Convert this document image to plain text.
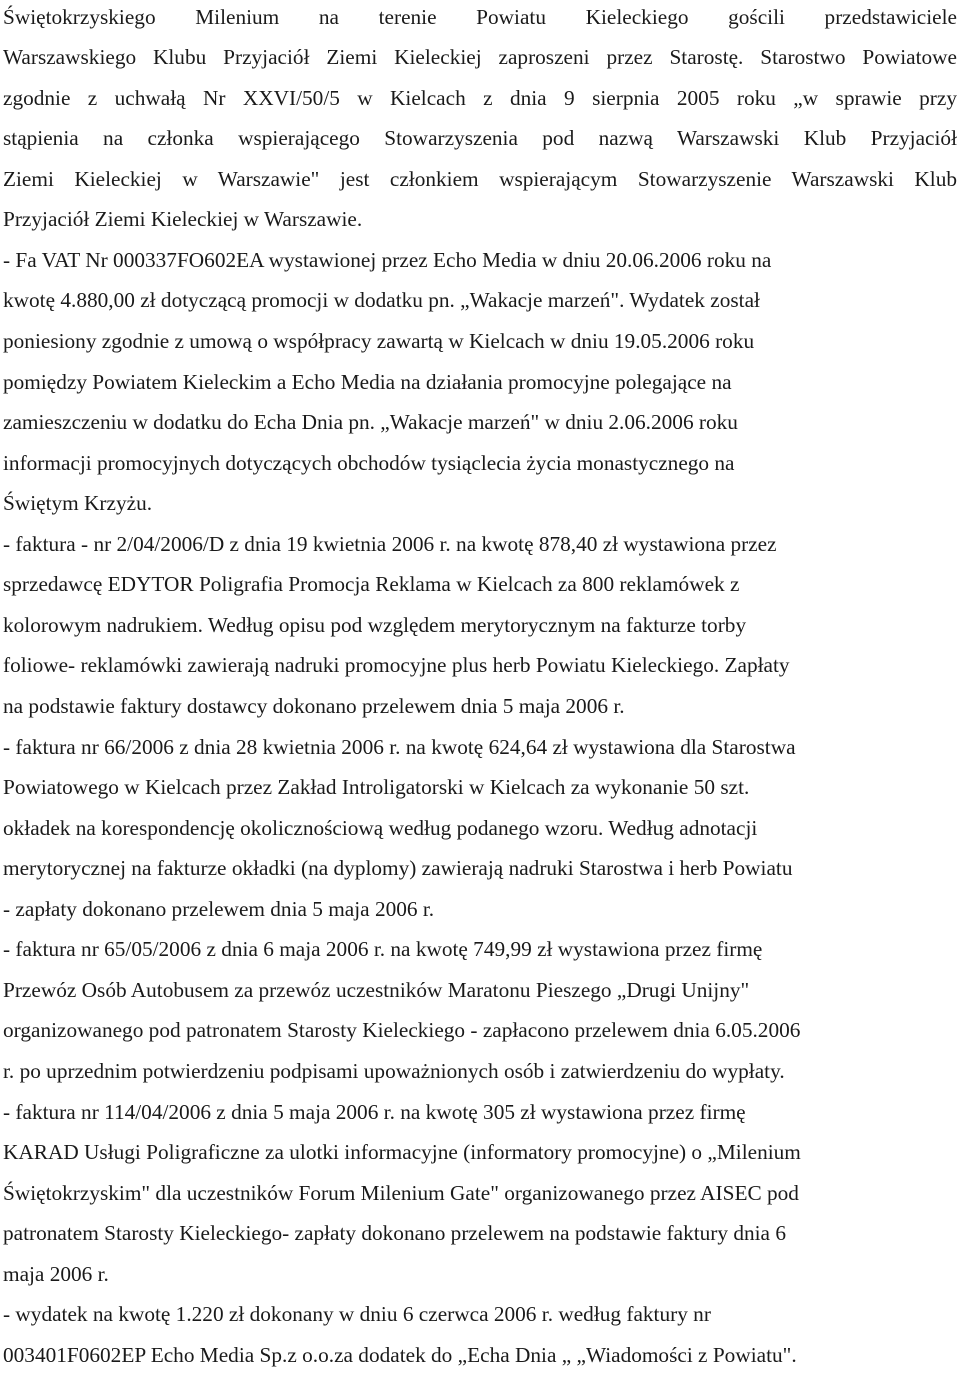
Świętokrzyskiego Milenium na terenie Powiatu Kieleckiego gościli przedstawiciele
Warszawskiego Klubu Przyjaciół Ziemi Kieleckiej zaproszeni przez Starostę. Starostwo Powiatowe
zgodnie z uchwałą Nr XXVI/50/5 w Kielcach z dnia 9 sierpnia 2005 roku „w sprawie przy
stąpienia na członka wspierającego Stowarzyszenia pod nazwą Warszawski Klub Przyjaciół
Ziemi Kieleckiej w Warszawie" jest członkiem wspierającym Stowarzyszenie Warszawski Klub
Przyjaciół Ziemi Kieleckiej w Warszawie.
- Fa VAT Nr 000337FO602EA wystawionej przez Echo Media w dniu 20.06.2006 roku na
kwotę 4.880,00 zł dotyczącą promocji w dodatku pn. „Wakacje marzeń". Wydatek został
poniesiony zgodnie z umową o współpracy zawartą w Kielcach w dniu 19.05.2006 roku
pomiędzy Powiatem Kieleckim a Echo Media na działania promocyjne polegające na
zamieszczeniu w dodatku do Echa Dnia pn. „Wakacje marzeń" w dniu 2.06.2006 roku
informacji promocyjnych dotyczących obchodów tysiąclecia życia monastycznego na
Świętym Krzyżu.
- faktura - nr 2/04/2006/D z dnia 19 kwietnia 2006 r. na kwotę 878,40 zł wystawiona przez
sprzedawcę EDYTOR Poligrafia Promocja Reklama w Kielcach za 800 reklamówek z
kolorowym nadrukiem. Według opisu pod względem merytorycznym na fakturze torby
foliowe- reklamówki zawierają nadruki promocyjne plus herb Powiatu Kieleckiego. Zapłaty
na podstawie faktury dostawcy dokonano przelewem dnia 5 maja 2006 r.
- faktura nr 66/2006 z dnia 28 kwietnia 2006 r. na kwotę 624,64 zł wystawiona dla Starostwa
Powiatowego w Kielcach przez Zakład Introligatorski w Kielcach za wykonanie 50 szt.
okładek na korespondencję okolicznościową według podanego wzoru. Według adnotacji
merytorycznej na fakturze okładki (na dyplomy) zawierają nadruki Starostwa i herb Powiatu
- zapłaty dokonano przelewem dnia 5 maja 2006 r.
- faktura nr 65/05/2006 z dnia 6 maja 2006 r. na kwotę 749,99 zł wystawiona przez firmę
Przewóz Osób Autobusem za przewóz uczestników Maratonu Pieszego „Drugi Unijny"
organizowanego pod patronatem Starosty Kieleckiego - zapłacono przelewem dnia 6.05.2006
r. po uprzednim potwierdzeniu podpisami upoważnionych osób i zatwierdzeniu do wypłaty.
- faktura nr 114/04/2006 z dnia 5 maja 2006 r. na kwotę 305 zł wystawiona przez firmę
KARAD Usługi Poligraficzne za ulotki informacyjne (informatory promocyjne) o „Milenium
Świętokrzyskim" dla uczestników Forum Milenium Gate" organizowanego przez AISEC pod
patronatem Starosty Kieleckiego- zapłaty dokonano przelewem na podstawie faktury dnia 6
maja 2006 r.
- wydatek na kwotę 1.220 zł dokonany w dniu 6 czerwca 2006 r. według faktury nr
003401F0602EP Echo Media Sp.z o.o.za dodatek do „Echa Dnia „ „Wiadomości z Powiatu".
